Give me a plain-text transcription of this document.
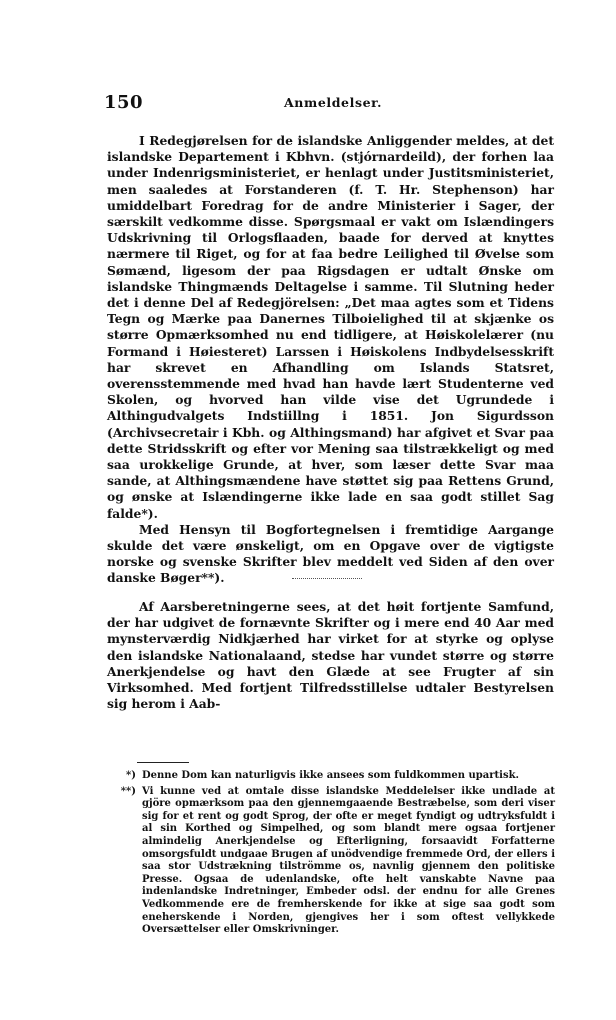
150	Anmeldelser.

I Redegjørelsen for de islandske Anliggender meldes, at det islandske Departement i Kbhvn. (stjórnardeild), der forhen laa under Indenrigsministeriet, er henlagt under Justitsministeriet, men saaledes at Forstanderen (f. T. Hr. Stephenson) har umiddelbart Foredrag for de andre Ministerier i Sager, der særskilt vedkomme disse. Spørgsmaal er vakt om Islændingers Udskrivning til Orlogsflaaden, baade for derved at knyttes nærmere til Riget, og for at faa bedre Leilighed til Øvelse som Sømænd, ligesom der paa Rigsdagen er udtalt Ønske om islandske Thingmænds Deltagelse i samme. Til Slutning heder det i denne Del af Redegjörelsen: „Det maa agtes som et Tidens Tegn og Mærke paa Danernes Tilboielighed til at skjænke os større Opmærksomhed nu end tidligere, at Høiskolelærer (nu Formand i Høiesteret) Larssen i Høiskolens Indbydelsesskrift har skrevet en Afhandling om Islands Statsret, overensstemmende med hvad han havde lært Studenterne ved Skolen, og hvorved han vilde vise det Ugrundede i Althingudvalgets Indstiillng i 1851. Jon Sigurdsson (Archivsecretair i Kbh. og Althingsmand) har afgivet et Svar paa dette Stridsskrift og efter vor Mening saa tilstrækkeligt og med saa urokkelige Grunde, at hver, som læser dette Svar maa sande, at Althingsmændene have støttet sig paa Rettens Grund, og ønske at Islændingerne ikke lade en saa godt stillet Sag falde*).

Med Hensyn til Bogfortegnelsen i fremtidige Aargange skulde det være ønskeligt, om en Opgave over de vigtigste norske og svenske Skrifter blev meddelt ved Siden af den over danske Bøger**).

Af Aarsberetningerne sees, at det høit fortjente Samfund, der har udgivet de fornævnte Skrifter og i mere end 40 Aar med mynsterværdig Nidkjærhed har virket for at styrke og oplyse den islandske Nationalaand, stedse har vundet større og større Anerkjendelse og havt den Glæde at see Frugter af sin Virksomhed. Med fortjent Tilfredsstillelse udtaler Bestyrelsen sig herom i Aab-

*) Denne Dom kan naturligvis ikke ansees som fuldkommen upartisk.
**) Vi kunne ved at omtale disse islandske Meddelelser ikke undlade at gjöre opmærksom paa den gjennemgaaende Bestræbelse, som deri viser sig for et rent og godt Sprog, der ofte er meget fyndigt og udtryksfuldt i al sin Korthed og Simpelhed, og som blandt mere ogsaa fortjener almindelig Anerkjendelse og Efterligning, forsaavidt Forfatterne omsorgsfuldt undgaae Brugen af unödvendige fremmede Ord, der ellers i saa stor Udstrækning tilströmme os, navnlig gjennem den politiske Presse. Ogsaa de udenlandske, ofte helt vanskabte Navne paa indenlandske Indretninger, Embeder odsl. der endnu for alle Grenes Vedkommende ere de fremherskende for ikke at sige saa godt som eneherskende i Norden, gjengives her i som oftest vellykkede Oversættelser eller Omskrivninger.
